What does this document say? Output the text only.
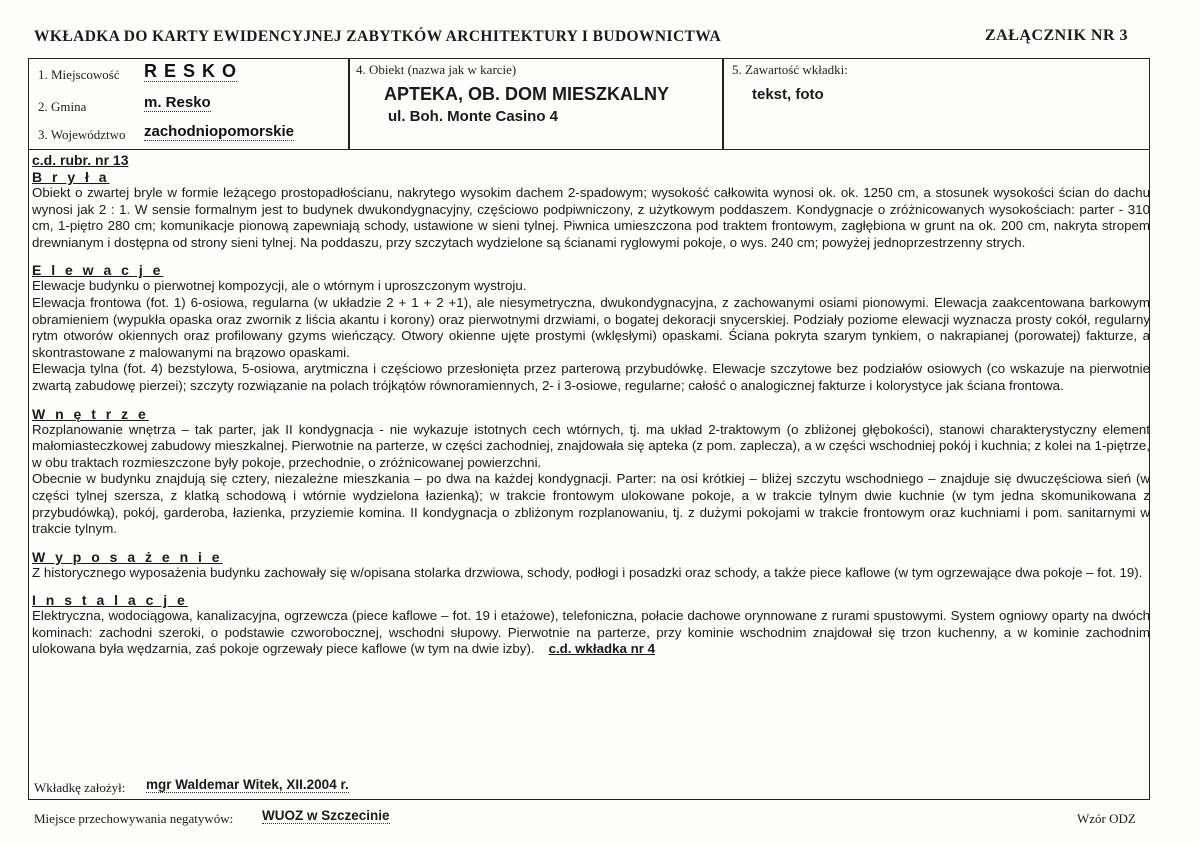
WKŁADKA DO KARTY EWIDENCYJNEJ ZABYTKÓW ARCHITEKTURY I BUDOWNICTWA	ZAŁĄCZNIK NR 3
1. Miejscowość R E S K O
2. Gmina	m. Resko
3. Województwo zachodniopomorskie
4. Obiekt (nazwa jak w karcie)
APTEKA, OB. DOM MIESZKALNY
ul. Boh. Monte Casino 4
5. Zawartość wkładki:
tekst, foto
c.d. rubr. nr 13
B r y ł a

Obiekt o zwartej bryle w formie leżącego prostopadłościanu, nakrytego wysokim dachem 2-spadowym; wysokość całkowita wynosi ok. ok. 1250 cm, a stosunek wysokości ścian do dachu wynosi jak 2 : 1. W sensie formalnym jest to budynek dwukondygnacyjny, częściowo podpiwniczony, z użytkowym poddaszem. Kondygnacje o zróżnicowanych wysokościach: parter - 310 cm, 1-piętro 280 cm; komunikacje pionową zapewniają schody, ustawione w sieni tylnej. Piwnica umieszczona pod traktem frontowym, zagłębiona w grunt na ok. 200 cm, nakryta stropem drewnianym i dostępna od strony sieni tylnej. Na poddaszu, przy szczytach wydzielone są ścianami ryglowymi pokoje, o wys. 240 cm; powyżej jednoprzestrzenny strych.

E l e w a c j e

Elewacje budynku o pierwotnej kompozycji, ale o wtórnym i uproszczonym wystroju.

Elewacja frontowa (fot. 1) 6-osiowa, regularna (w układzie 2 + 1 + 2 +1), ale niesymetryczna, dwukondygnacyjna, z zachowanymi osiami pionowymi. Elewacja zaakcentowana barkowym obramieniem (wypukła opaska oraz zwornik z liścia akantu i korony) oraz pierwotnymi drzwiami, o bogatej dekoracji snycerskiej. Podziały poziome elewacji wyznacza prosty cokół, regularny rytm otworów okiennych oraz profilowany gzyms wieńczący. Otwory okienne ujęte prostymi (wklęsłymi) opaskami. Ściana pokryta szarym tynkiem, o nakrapianej (porowatej) fakturze, a skontrastowane z malowanymi na brązowo opaskami.

Elewacja tylna (fot. 4) bezstylowa, 5-osiowa, arytmiczna i częściowo przesłonięta przez parterową przybudówkę. Elewacje szczytowe bez podziałów osiowych (co wskazuje na pierwotnie zwartą zabudowę pierzei); szczyty rozwiązanie na polach trójkątów równoramiennych, 2- i 3-osiowe, regularne; całość o analogicznej fakturze i kolorystyce jak ściana frontowa.

W n ę t r z e

Rozplanowanie wnętrza – tak parter, jak II kondygnacja - nie wykazuje istotnych cech wtórnych, tj. ma układ 2-traktowym (o zbliżonej głębokości), stanowi charakterystyczny element małomiasteczkowej zabudowy mieszkalnej. Pierwotnie na parterze, w części zachodniej, znajdowała się apteka (z pom. zaplecza), a w części wschodniej pokój i kuchnia; z kolei na 1-piętrze, w obu traktach rozmieszczone były pokoje, przechodnie, o zróżnicowanej powierzchni.

Obecnie w budynku znajdują się cztery, niezależne mieszkania – po dwa na każdej kondygnacji. Parter: na osi krótkiej – bliżej szczytu wschodniego – znajduje się dwuczęściowa sień (w części tylnej szersza, z klatką schodową i wtórnie wydzielona łazienką); w trakcie frontowym ulokowane pokoje, a w trakcie tylnym dwie kuchnie (w tym jedna skomunikowana z przybudówką), pokój, garderoba, łazienka, przyziemie komina. II kondygnacja o zbliżonym rozplanowaniu, tj. z dużymi pokojami w trakcie frontowym oraz kuchniami i pom. sanitarnymi w trakcie tylnym.

W y p o s a ż e n i e

Z historycznego wyposażenia budynku zachowały się w/opisana stolarka drzwiowa, schody, podłogi i posadzki oraz schody, a także piece kaflowe (w tym ogrzewające dwa pokoje – fot. 19).

I n s t a l a c j e

Elektryczna, wodociągowa, kanalizacyjna, ogrzewcza (piece kaflowe – fot. 19 i etażowe), telefoniczna, połacie dachowe orynnowane z rurami spustowymi. System ogniowy oparty na dwóch kominach: zachodni szeroki, o podstawie czworobocznej, wschodni słupowy. Pierwotnie na parterze, przy kominie wschodnim znajdował się trzon kuchenny, a w kominie zachodnim ulokowana była wędzarnia, zaś pokoje ogrzewały piece kaflowe (w tym na dwie izby). c.d. wkładka nr 4

Wkładkę założył: mgr Waldemar Witek, XII.2004 r.
Miejsce przechowywania negatywów: WUOZ w Szczecinie	Wzór ODZ
